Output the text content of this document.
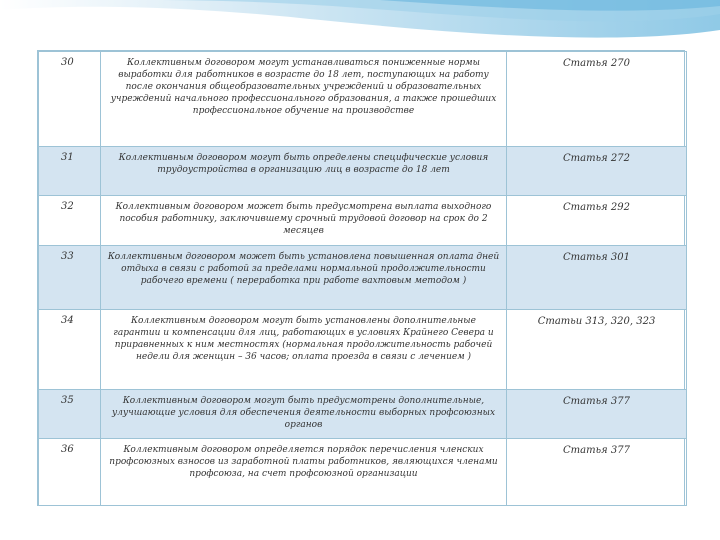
30	Коллективным договором могут устанавливаться пониженные нормы выработки для работников в возрасте до 18 лет, поступающих на работу после окончания общеобразовательных учреждений и образовательных учреждений начального профессионального образования, а также прошедших профессиональное обучение на производстве	Статья 270
31	Коллективным договором могут быть определены специфические условия трудоустройства в организацию лиц в возрасте до 18 лет	Статья 272
32	Коллективным договором может быть предусмотрена выплата выходного пособия работнику, заключившему срочный трудовой договор на срок до 2 месяцев	Статья 292
33	Коллективным договором может быть установлена повышенная оплата дней отдыха в связи с работой за пределами нормальной продолжительности рабочего времени ( переработка при работе вахтовым методом )	Статья 301
34	Коллективным договором могут быть установлены дополнительные гарантии и компенсации для лиц, работающих в условиях Крайнего Севера и приравненных к ним местностях (нормальная продолжительность рабочей недели для женщин – 36 часов; оплата проезда в связи с лечением )	Статьи 313, 320, 323
35	Коллективным договором могут быть предусмотрены дополнительные, улучшающие условия для обеспечения деятельности выборных профсоюзных органов	Статья 377
36	Коллективным договором определяется порядок перечисления членских профсоюзных взносов из заработной платы работников, являющихся членами профсоюза, на счет профсоюзной организации	Статья 377
